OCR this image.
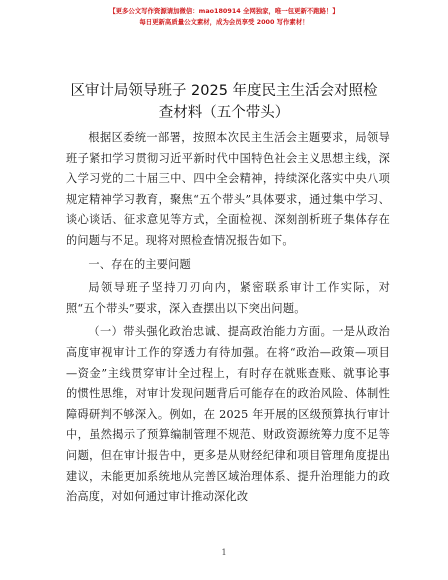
【更多公文写作资源请加微信：mao180914 全网独家，唯一包更新不跑路！】
每日更新高质量公文素材，成为会员享受 2000 写作素材！
区审计局领导班子 2025 年度民主生活会对照检
查材料（五个带头）

根据区委统一部署，按照本次民主生活会主题要求，局领导班子紧扣学习贯彻习近平新时代中国特色社会主义思想主线，深入学习党的二十届三中、四中全会精神，持续深化落实中央八项规定精神学习教育，聚焦“五个带头”具体要求，通过集中学习、谈心谈话、征求意见等方式，全面检视、深刻剖析班子集体存在的问题与不足。现将对照检查情况报告如下。

一、存在的主要问题

局领导班子坚持刀刃向内，紧密联系审计工作实际，对照“五个带头”要求，深入查摆出以下突出问题。

（一）带头强化政治忠诚、提高政治能力方面。一是从政治高度审视审计工作的穿透力有待加强。在将“政治—政策—项目—资金”主线贯穿审计全过程上，有时存在就账查账、就事论事的惯性思维，对审计发现问题背后可能存在的政治风险、体制性障碍研判不够深入。例如，在 2025 年开展的区级预算执行审计中，虽然揭示了预算编制管理不规范、财政资源统筹力度不足等问题，但在审计报告中，更多是从财经纪律和项目管理角度提出建议，未能更加系统地从完善区域治理体系、提升治理能力的政治高度，对如何通过审计推动深化改

1
